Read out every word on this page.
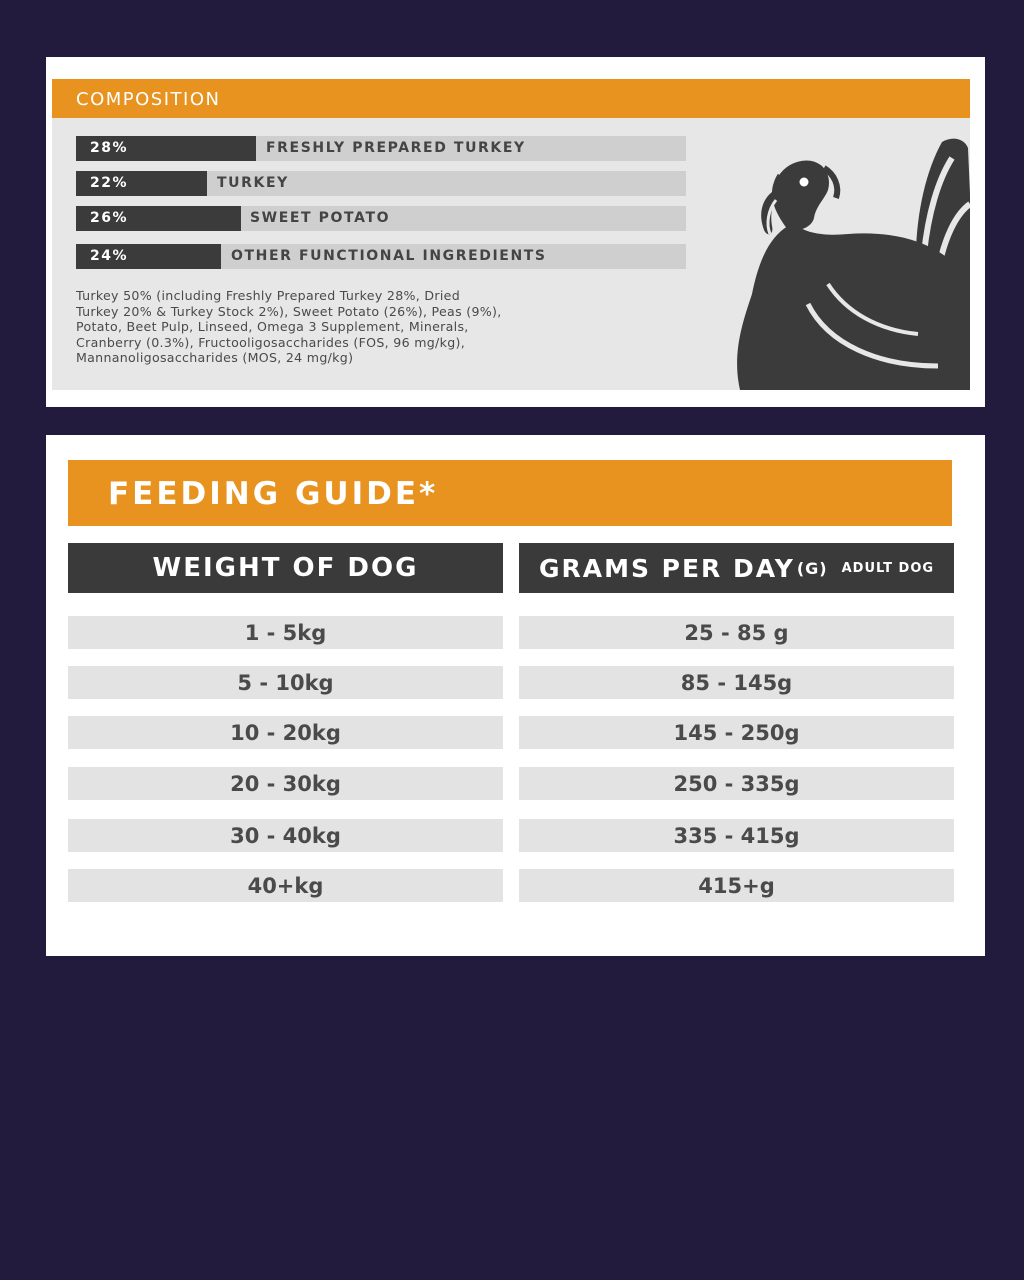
COMPOSITION
28%	FRESHLY PREPARED TURKEY
22%	TURKEY
26%	SWEET POTATO
24%	OTHER FUNCTIONAL INGREDIENTS
Turkey 50% (including Freshly Prepared Turkey 28%, Dried
Turkey 20% & Turkey Stock 2%), Sweet Potato (26%), Peas (9%),
Potato, Beet Pulp, Linseed, Omega 3 Supplement, Minerals,
Cranberry (0.3%), Fructooligosaccharides (FOS, 96 mg/kg),
Mannanoligosaccharides (MOS, 24 mg/kg)
FEEDING GUIDE*
WEIGHT OF DOG	GRAMS PER DAY (G) ADULT DOG
1 - 5kg	25 - 85 g
5 - 10kg	85 - 145g
10 - 20kg	145 - 250g
20 - 30kg	250 - 335g
30 - 40kg	335 - 415g
40+kg	415+g
